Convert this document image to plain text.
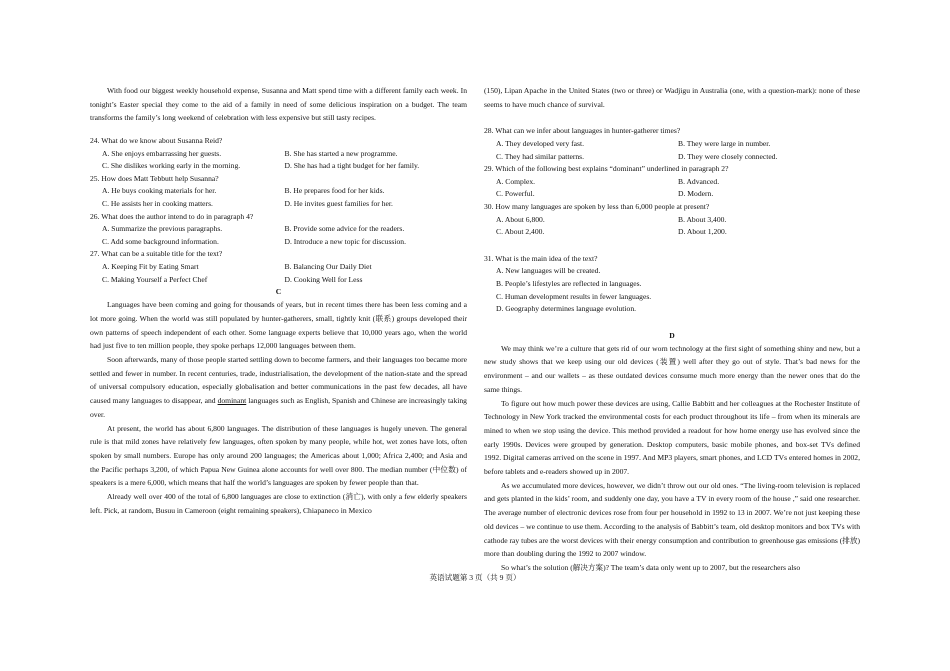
With food our biggest weekly household expense, Susanna and Matt spend time with a different family each week. In tonight’s Easter special they come to the aid of a family in need of some delicious inspiration on a budget. The team transforms the family’s long weekend of celebration with less expensive but still tasty recipes.

24. What do we know about Susanna Reid?
A. She enjoys embarrassing her guests.	B. She has started a new programme.
C. She dislikes working early in the morning.	D. She has had a tight budget for her family.
25. How does Matt Tebbutt help Susanna?
A. He buys cooking materials for her.	B. He prepares food for her kids.
C. He assists her in cooking matters.	D. He invites guest families for her.
26. What does the author intend to do in paragraph 4?
A. Summarize the previous paragraphs.	B. Provide some advice for the readers.
C. Add some background information.	D. Introduce a new topic for discussion.
27. What can be a suitable title for the text?
A. Keeping Fit by Eating Smart	B. Balancing Our Daily Diet
C. Making Yourself a Perfect Chef	D. Cooking Well for Less
C

Languages have been coming and going for thousands of years, but in recent times there has been less coming and a lot more going. When the world was still populated by hunter-gatherers, small, tightly knit (联系) groups developed their own patterns of speech independent of each other. Some language experts believe that 10,000 years ago, when the world had just five to ten million people, they spoke perhaps 12,000 languages between them.

Soon afterwards, many of those people started settling down to become farmers, and their languages too became more settled and fewer in number. In recent centuries, trade, industrialisation, the development of the nation-state and the spread of universal compulsory education, especially globalisation and better communications in the past few decades, all have caused many languages to disappear, and dominant languages such as English, Spanish and Chinese are increasingly taking over.

At present, the world has about 6,800 languages. The distribution of these languages is hugely uneven. The general rule is that mild zones have relatively few languages, often spoken by many people, while hot, wet zones have lots, often spoken by small numbers. Europe has only around 200 languages; the Americas about 1,000; Africa 2,400; and Asia and the Pacific perhaps 3,200, of which Papua New Guinea alone accounts for well over 800. The median number (中位数) of speakers is a mere 6,000, which means that half the world’s languages are spoken by fewer people than that.

Already well over 400 of the total of 6,800 languages are close to extinction (消亡), with only a few elderly speakers left. Pick, at random, Busuu in Cameroon (eight remaining speakers), Chiapaneco in Mexico

(150), Lipan Apache in the United States (two or three) or Wadjigu in Australia (one, with a question-mark): none of these seems to have much chance of survival.

28. What can we infer about languages in hunter-gatherer times?
A. They developed very fast.	B. They were large in number.
C. They had similar patterns.	D. They were closely connected.
29. Which of the following best explains “dominant” underlined in paragraph 2?
A. Complex.	B. Advanced.
C. Powerful.	D. Modern.
30. How many languages are spoken by less than 6,000 people at present?
A. About 6,800.	B. About 3,400.
C. About 2,400.	D. About 1,200.
31. What is the main idea of the text?
A. New languages will be created.
B. People’s lifestyles are reflected in languages.
C. Human development results in fewer languages.
D. Geography determines language evolution.
D

We may think we’re a culture that gets rid of our worn technology at the first sight of something shiny and new, but a new study shows that we keep using our old devices (装置) well after they go out of style. That’s bad news for the environment – and our wallets – as these outdated devices consume much more energy than the newer ones that do the same things.

To figure out how much power these devices are using, Callie Babbitt and her colleagues at the Rochester Institute of Technology in New York tracked the environmental costs for each product throughout its life – from when its minerals are mined to when we stop using the device. This method provided a readout for how home energy use has evolved since the early 1990s. Devices were grouped by generation. Desktop computers, basic mobile phones, and box-set TVs defined 1992. Digital cameras arrived on the scene in 1997. And MP3 players, smart phones, and LCD TVs entered homes in 2002, before tablets and e-readers showed up in 2007.

As we accumulated more devices, however, we didn’t throw out our old ones. “The living-room television is replaced and gets planted in the kids’ room, and suddenly one day, you have a TV in every room of the house ,” said one researcher. The average number of electronic devices rose from four per household in 1992 to 13 in 2007. We’re not just keeping these old devices – we continue to use them. According to the analysis of Babbitt’s team, old desktop monitors and box TVs with cathode ray tubes are the worst devices with their energy consumption and contribution to greenhouse gas emissions (排放) more than doubling during the 1992 to 2007 window.

So what’s the solution (解决方案)? The team’s data only went up to 2007, but the researchers also

英语试题第 3 页（共 9 页）
